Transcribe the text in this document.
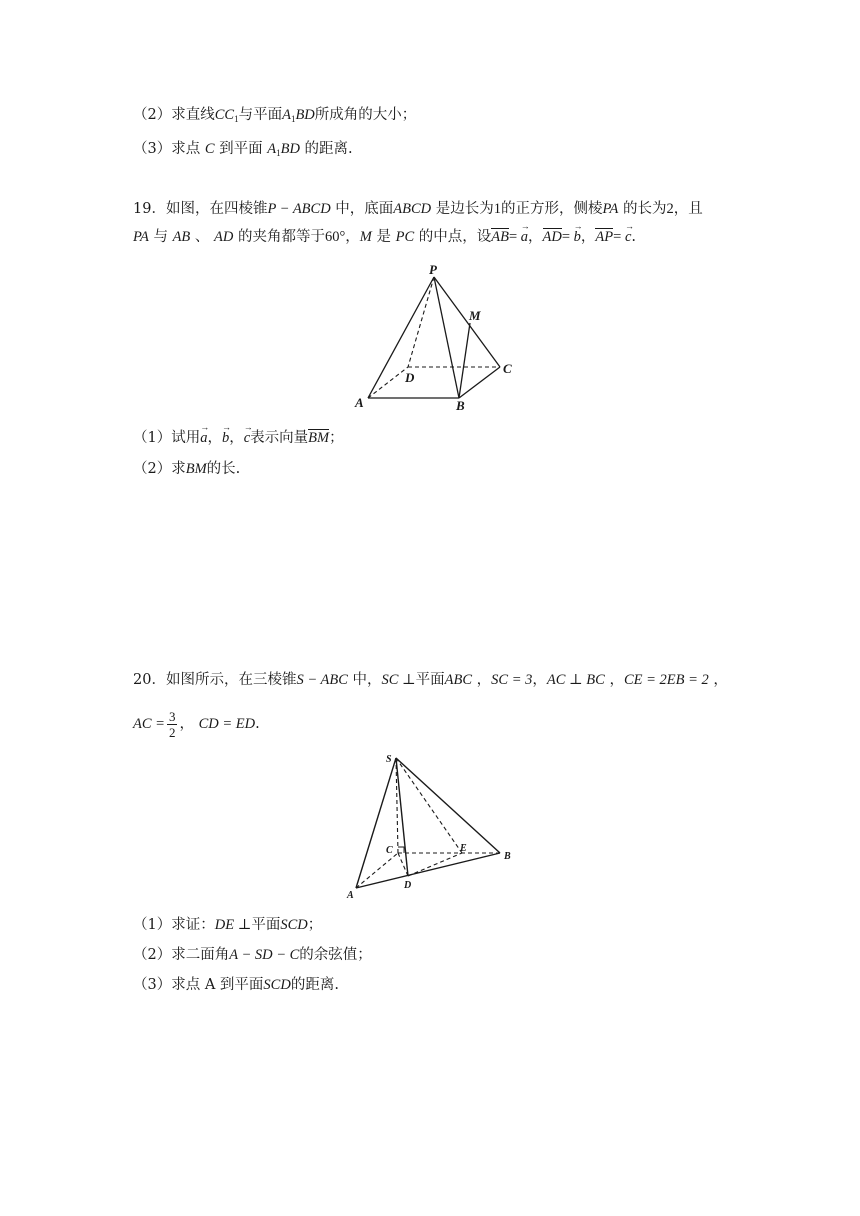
（2）求直线$CC_1$与平面$A_1BD$所成角的大小；
（3）求点 C 到平面 $A_1BD$ 的距离.
19．如图，在四棱锥P − ABCD 中，底面ABCD 是边长为1的正方形，侧棱PA 的长为2，且
PA 与 AB 、 AD 的夹角都等于60°，M 是 PC 的中点，设AB= → a，AD= → b，AP= → c.
P
M
D
C
A	B
（1）试用→ a，→ b，→ c表示向量BM；
（2）求BM的长.
20．如图所示，在三棱锥S − ABC 中，SC ⊥平面ABC ，SC = 3，AC ⊥ BC ，CE = 2EB = 2 ，
AC = $\frac{3}{2}$ ， CD = ED.
S
C	E
B
A
D
（1）求证：DE ⊥平面SCD；
（2）求二面角A − SD − C的余弦值；
（3）求点 A 到平面SCD的距离.
